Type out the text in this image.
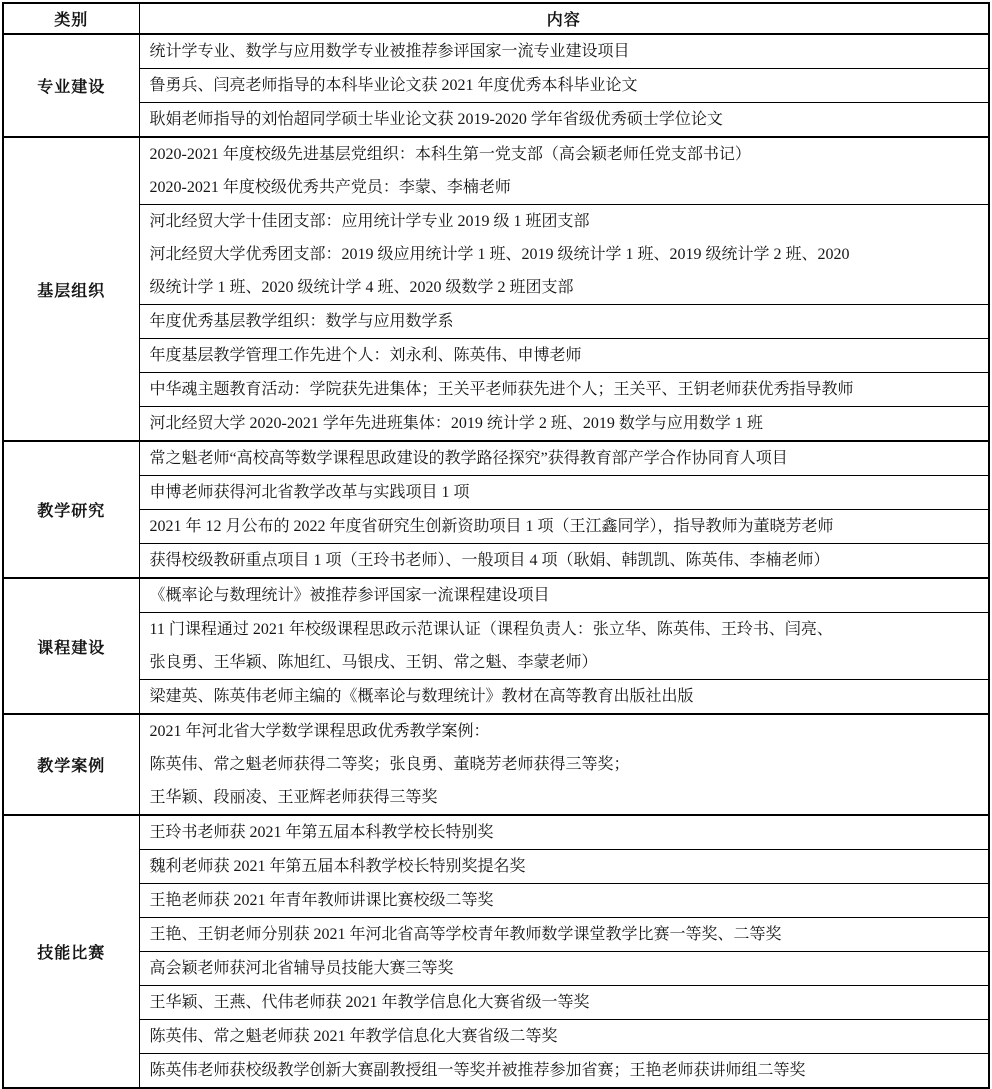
类别	内容
专业建设	统计学专业、数学与应用数学专业被推荐参评国家一流专业建设项目

	鲁勇兵、闫亮老师指导的本科毕业论文获 2021 年度优秀本科毕业论文

	耿娟老师指导的刘怡超同学硕士毕业论文获 2019-2020 学年省级优秀硕士学位论文

基层组织	2020-2021 年度校级先进基层党组织：本科生第一党支部（高会颖老师任党支部书记）
2020-2021 年度校级优秀共产党员：李蒙、李楠老师

	河北经贸大学十佳团支部：应用统计学专业 2019 级 1 班团支部
河北经贸大学优秀团支部：2019 级应用统计学 1 班、2019 级统计学 1 班、2019 级统计学 2 班、2020
级统计学 1 班、2020 级统计学 4 班、2020 级数学 2 班团支部

	年度优秀基层教学组织：数学与应用数学系

	年度基层教学管理工作先进个人：刘永利、陈英伟、申博老师

	中华魂主题教育活动：学院获先进集体；王关平老师获先进个人；王关平、王钥老师获优秀指导教师

	河北经贸大学 2020-2021 学年先进班集体：2019 统计学 2 班、2019 数学与应用数学 1 班

教学研究	常之魁老师“高校高等数学课程思政建设的教学路径探究”获得教育部产学合作协同育人项目

	申博老师获得河北省教学改革与实践项目 1 项

	2021 年 12 月公布的 2022 年度省研究生创新资助项目 1 项（王江鑫同学），指导教师为董晓芳老师

	获得校级教研重点项目 1 项（王玲书老师）、一般项目 4 项（耿娟、韩凯凯、陈英伟、李楠老师）

课程建设	《概率论与数理统计》被推荐参评国家一流课程建设项目

	11 门课程通过 2021 年校级课程思政示范课认证（课程负责人：张立华、陈英伟、王玲书、闫亮、
张良勇、王华颖、陈旭红、马银戌、王钥、常之魁、李蒙老师）

	梁建英、陈英伟老师主编的《概率论与数理统计》教材在高等教育出版社出版

教学案例	2021 年河北省大学数学课程思政优秀教学案例：
陈英伟、常之魁老师获得二等奖；张良勇、董晓芳老师获得三等奖；
王华颖、段丽凌、王亚辉老师获得三等奖

技能比赛	王玲书老师获 2021 年第五届本科教学校长特别奖

	魏利老师获 2021 年第五届本科教学校长特别奖提名奖

	王艳老师获 2021 年青年教师讲课比赛校级二等奖

	王艳、王钥老师分别获 2021 年河北省高等学校青年教师数学课堂教学比赛一等奖、二等奖

	高会颖老师获河北省辅导员技能大赛三等奖

	王华颖、王燕、代伟老师获 2021 年教学信息化大赛省级一等奖

	陈英伟、常之魁老师获 2021 年教学信息化大赛省级二等奖

	陈英伟老师获校级教学创新大赛副教授组一等奖并被推荐参加省赛；王艳老师获讲师组二等奖
